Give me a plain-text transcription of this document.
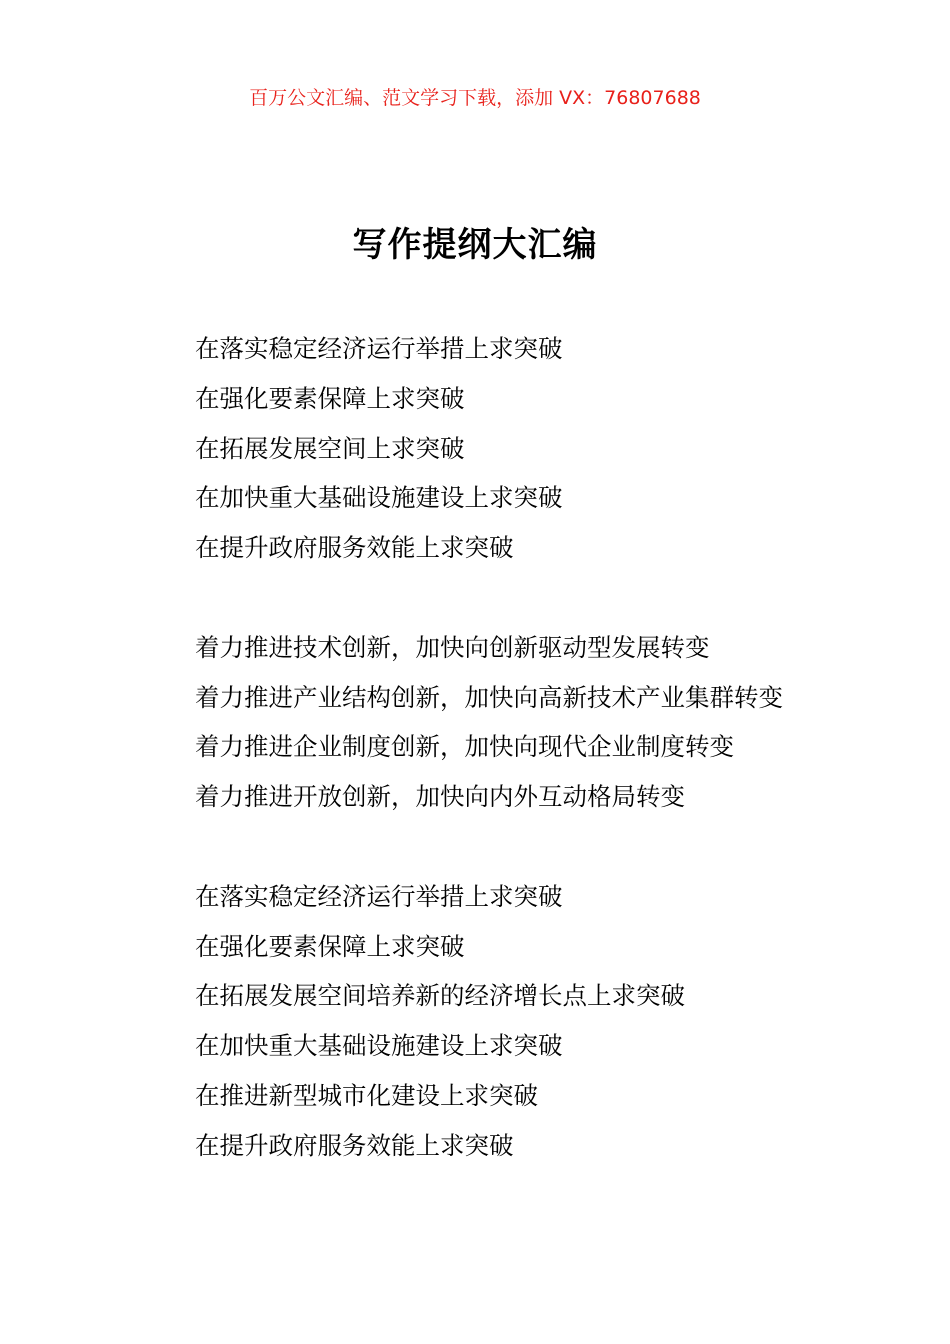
百万公文汇编、范文学习下载，添加 VX：76807688
写作提纲大汇编
在落实稳定经济运行举措上求突破
在强化要素保障上求突破
在拓展发展空间上求突破
在加快重大基础设施建设上求突破
在提升政府服务效能上求突破
着力推进技术创新，加快向创新驱动型发展转变
着力推进产业结构创新，加快向高新技术产业集群转变
着力推进企业制度创新，加快向现代企业制度转变
着力推进开放创新，加快向内外互动格局转变
在落实稳定经济运行举措上求突破
在强化要素保障上求突破
在拓展发展空间培养新的经济增长点上求突破
在加快重大基础设施建设上求突破
在推进新型城市化建设上求突破
在提升政府服务效能上求突破
